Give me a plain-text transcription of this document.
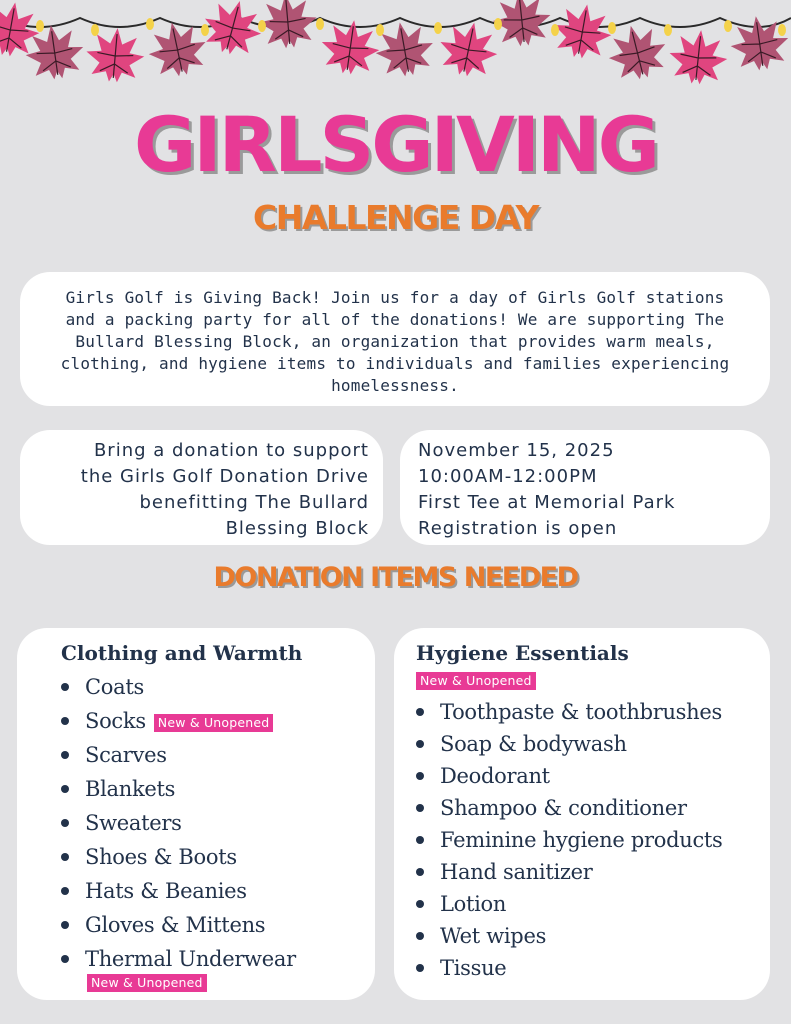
GIRLSGIVING
CHALLENGE DAY
Girls Golf is Giving Back! Join us for a day of Girls Golf stations and a packing party for all of the donations! We are supporting The Bullard Blessing Block, an organization that provides warm meals, clothing, and hygiene items to individuals and families experiencing homelessness.
Bring a donation to support
the Girls Golf Donation Drive
benefitting The Bullard
Blessing Block
November 15, 2025
10:00AM-12:00PM
First Tee at Memorial Park
Registration is open
DONATION ITEMS NEEDED
Clothing and Warmth
Coats
Socks New & Unopened
Scarves
Blankets
Sweaters
Shoes & Boots
Hats & Beanies
Gloves & Mittens
Thermal Underwear
New & Unopened
Hygiene Essentials
New & Unopened
Toothpaste & toothbrushes
Soap & bodywash
Deodorant
Shampoo & conditioner
Feminine hygiene products
Hand sanitizer
Lotion
Wet wipes
Tissue
